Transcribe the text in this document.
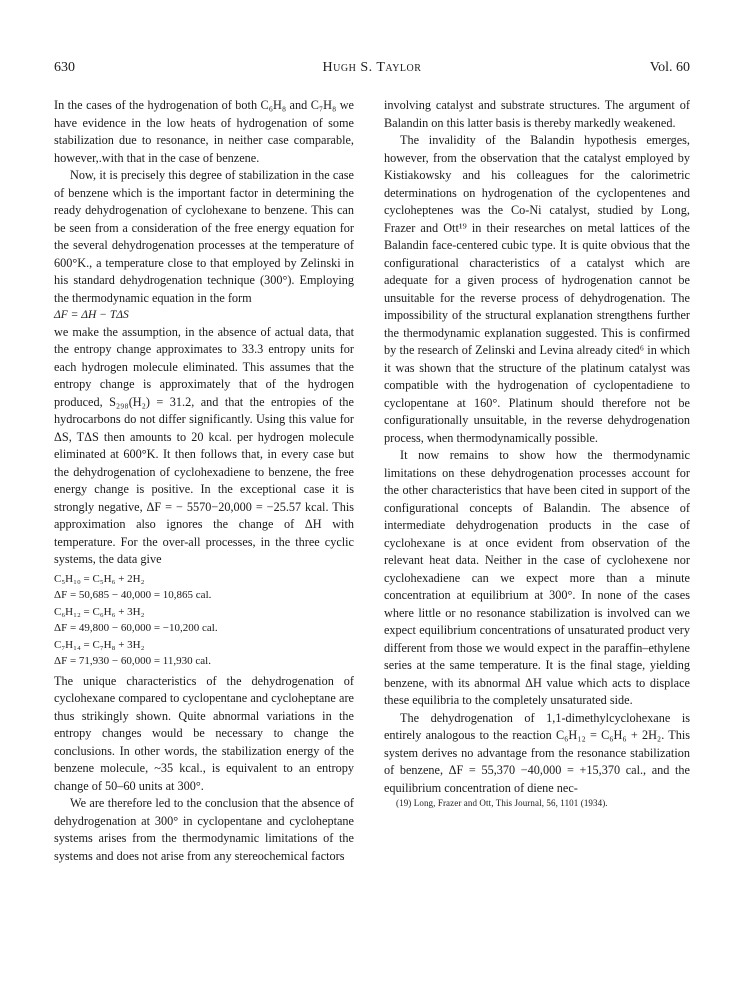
630	Hugh S. Taylor	Vol. 60

In the cases of the hydrogenation of both C₆H₈ and C₇H₈ we have evidence in the low heats of hydrogenation of some stabilization due to resonance, in neither case comparable, however,.with that in the case of benzene.

Now, it is precisely this degree of stabilization in the case of benzene which is the important factor in determining the ready dehydrogenation of cyclohexane to benzene. This can be seen from a consideration of the free energy equation for the several dehydrogenation processes at the temperature of 600°K., a temperature close to that employed by Zelinski in his standard dehydrogenation technique (300°). Employing the thermodynamic equation in the form

ΔF = ΔH − TΔS

we make the assumption, in the absence of actual data, that the entropy change approximates to 33.3 entropy units for each hydrogen molecule eliminated. This assumes that the entropy change is approximately that of the hydrogen produced, S₂₉₈(H₂) = 31.2, and that the entropies of the hydrocarbons do not differ significantly. Using this value for ΔS, TΔS then amounts to 20 kcal. per hydrogen molecule eliminated at 600°K. It then follows that, in every case but the dehydrogenation of cyclohexadiene to benzene, the free energy change is positive. In the exceptional case it is strongly negative, ΔF = − 5570−20,000 = −25.57 kcal. This approximation also ignores the change of ΔH with temperature. For the over-all processes, in the three cyclic systems, the data give

C₅H₁₀ = C₅H₆ + 2H₂

ΔF = 50,685 − 40,000 = 10,865 cal.

C₆H₁₂ = C₆H₆ + 3H₂

ΔF = 49,800 − 60,000 = −10,200 cal.

C₇H₁₄ = C₇H₈ + 3H₂

ΔF = 71,930 − 60,000 = 11,930 cal.

The unique characteristics of the dehydrogenation of cyclohexane compared to cyclopentane and cycloheptane are thus strikingly shown. Quite abnormal variations in the entropy changes would be necessary to change the conclusions. In other words, the stabilization energy of the benzene molecule, ~35 kcal., is equivalent to an entropy change of 50–60 units at 300°.

We are therefore led to the conclusion that the absence of dehydrogenation at 300° in cyclopentane and cycloheptane systems arises from the thermodynamic limitations of the systems and does not arise from any stereochemical factors

involving catalyst and substrate structures. The argument of Balandin on this latter basis is thereby markedly weakened.

The invalidity of the Balandin hypothesis emerges, however, from the observation that the catalyst employed by Kistiakowsky and his colleagues for the calorimetric determinations on hydrogenation of the cyclopentenes and cycloheptenes was the Co-Ni catalyst, studied by Long, Frazer and Ott¹⁹ in their researches on metal lattices of the Balandin face-centered cubic type. It is quite obvious that the configurational characteristics of a catalyst which are adequate for a given process of hydrogenation cannot be unsuitable for the reverse process of dehydrogenation. The impossibility of the structural explanation strengthens further the thermodynamic explanation suggested. This is confirmed by the research of Zelinski and Levina already cited⁶ in which it was shown that the structure of the platinum catalyst was compatible with the hydrogenation of cyclopentadiene to cyclopentane at 160°. Platinum should therefore not be configurationally unsuitable, in the reverse dehydrogenation process, when thermodynamically possible.

It now remains to show how the thermodynamic limitations on these dehydrogenation processes account for the other characteristics that have been cited in support of the configurational concepts of Balandin. The absence of intermediate dehydrogenation products in the case of cyclohexane is at once evident from observation of the relevant heat data. Neither in the case of cyclohexene nor cyclohexadiene can we expect more than a minute concentration at equilibrium at 300°. In none of the cases where little or no resonance stabilization is involved can we expect equilibrium concentrations of unsaturated product very different from those we would expect in the paraffin–ethylene series at the same temperature. It is the final stage, yielding benzene, with its abnormal ΔH value which acts to displace these equilibria to the completely unsaturated side.

The dehydrogenation of 1,1-dimethylcyclohexane is entirely analogous to the reaction C₆H₁₂ = C₆H₆ + 2H₂. This system derives no advantage from the resonance stabilization of benzene, ΔF = 55,370 −40,000 = +15,370 cal., and the equilibrium concentration of diene nec-

(19) Long, Frazer and Ott, This Journal, 56, 1101 (1934).
